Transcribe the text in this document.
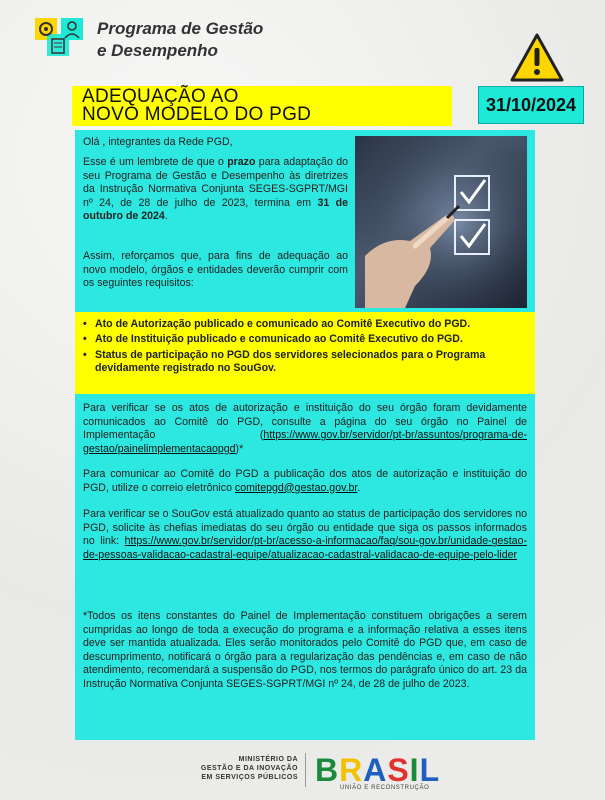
Programa de Gestão
e Desempenho
ADEQUAÇÃO AO
NOVO MODELO DO PGD	31/10/2024

Olá , integrantes da Rede PGD,

Esse é um lembrete de que o prazo para adaptação do seu Programa de Gestão e Desempenho às diretrizes da Instrução Normativa Conjunta SEGES-SGPRT/MGI nº 24, de 28 de julho de 2023, termina em 31 de outubro de 2024.

Assim, reforçamos que, para fins de adequação ao novo modelo, órgãos e entidades deverão cumprir com os seguintes requisitos:

• Ato de Autorização publicado e comunicado ao Comitê Executivo do PGD.
• Ato de Instituição publicado e comunicado ao Comitê Executivo do PGD.
• Status de participação no PGD dos servidores selecionados para o Programa devidamente registrado no SouGov.

Para verificar se os atos de autorização e instituição do seu órgão foram devidamente comunicados ao Comitê do PGD, consulte a página do seu órgão no Painel de Implementação (https://www.gov.br/servidor/pt-br/assuntos/programa-de-gestao/painelimplementacaopgd)*

Para comunicar ao Comitê do PGD a publicação dos atos de autorização e instituição do PGD, utilize o correio eletrônico comitepgd@gestao.gov.br.

Para verificar se o SouGov está atualizado quanto ao status de participação dos servidores no PGD, solicite às chefias imediatas do seu órgão ou entidade que siga os passos informados no link: https://www.gov.br/servidor/pt-br/acesso-a-informacao/faq/sou-gov.br/unidade-gestao-de-pessoas-validacao-cadastral-equipe/atualizacao-cadastral-validacao-de-equipe-pelo-lider

*Todos os itens constantes do Painel de Implementação constituem obrigações a serem cumpridas ao longo de toda a execução do programa e a informação relativa a esses itens deve ser mantida atualizada. Eles serão monitorados pelo Comitê do PGD que, em caso de descumprimento, notificará o órgão para a regularização das pendências e, em caso de não atendimento, recomendará a suspensão do PGD, nos termos do parágrafo único do art. 23 da Instrução Normativa Conjunta SEGES-SGPRT/MGI nº 24, de 28 de julho de 2023.

MINISTÉRIO DA
GESTÃO E DA INOVAÇÃO
EM SERVIÇOS PÚBLICOS BRASIL
UNIÃO E RECONSTRUÇÃO
